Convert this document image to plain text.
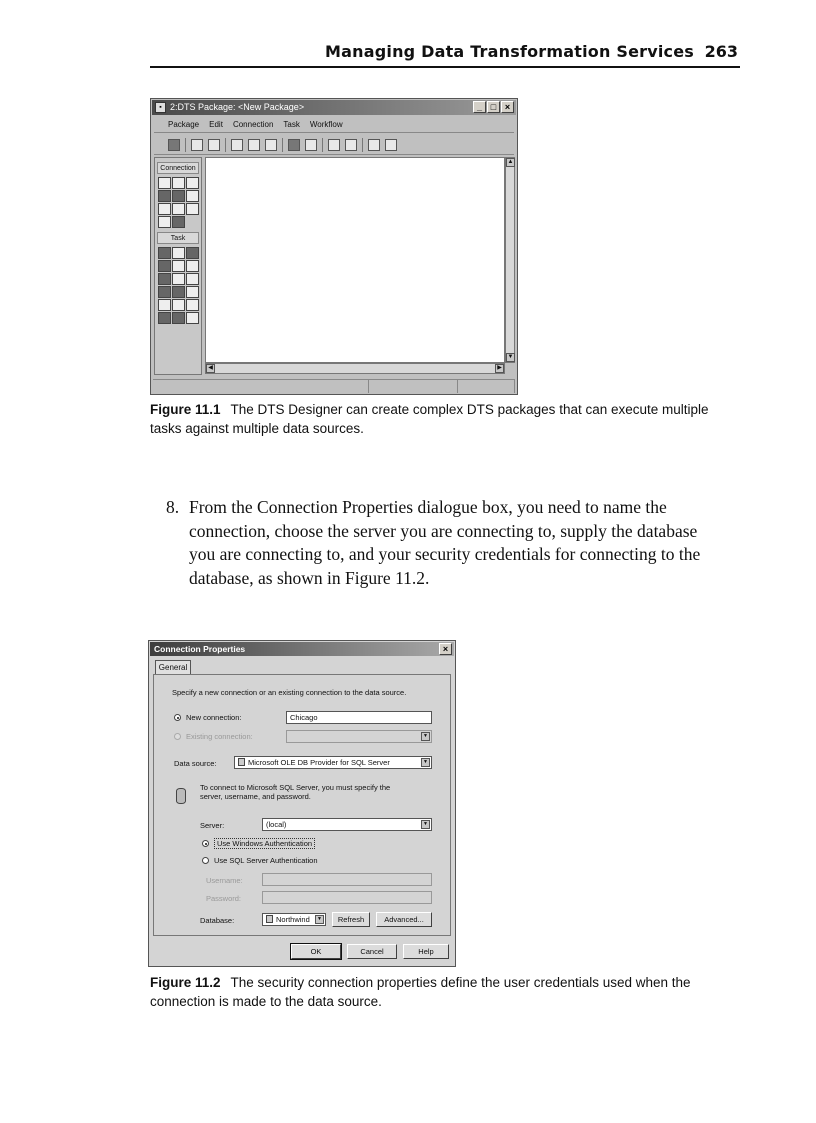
Managing Data Transformation Services 263
▪ 2:DTS Package: <New Package>	_ □ ×
Package Edit Connection Task Workflow
Connection
Task
▲
▼
◀	▶
Figure 11.1 The DTS Designer can create complex DTS packages that can execute multiple tasks against multiple data sources.
8. From the Connection Properties dialogue box, you need to name the connection, choose the server you are connecting to, supply the database you are connecting to, and your security credentials for connecting to the database, as shown in Figure 11.2.
Connection Properties	×
General
Specify a new connection or an existing connection to the data source.
New connection:	Chicago
Existing connection:	▼
Data source:	Microsoft OLE DB Provider for SQL Server	▼
To connect to Microsoft SQL Server, you must specify the server, username, and password.
Server:	(local)	▼
Use Windows Authentication
Use SQL Server Authentication
Username:
Password:
Database:	Northwind	▼	Refresh	Advanced...
OK	Cancel	Help
Figure 11.2 The security connection properties define the user credentials used when the connection is made to the data source.
